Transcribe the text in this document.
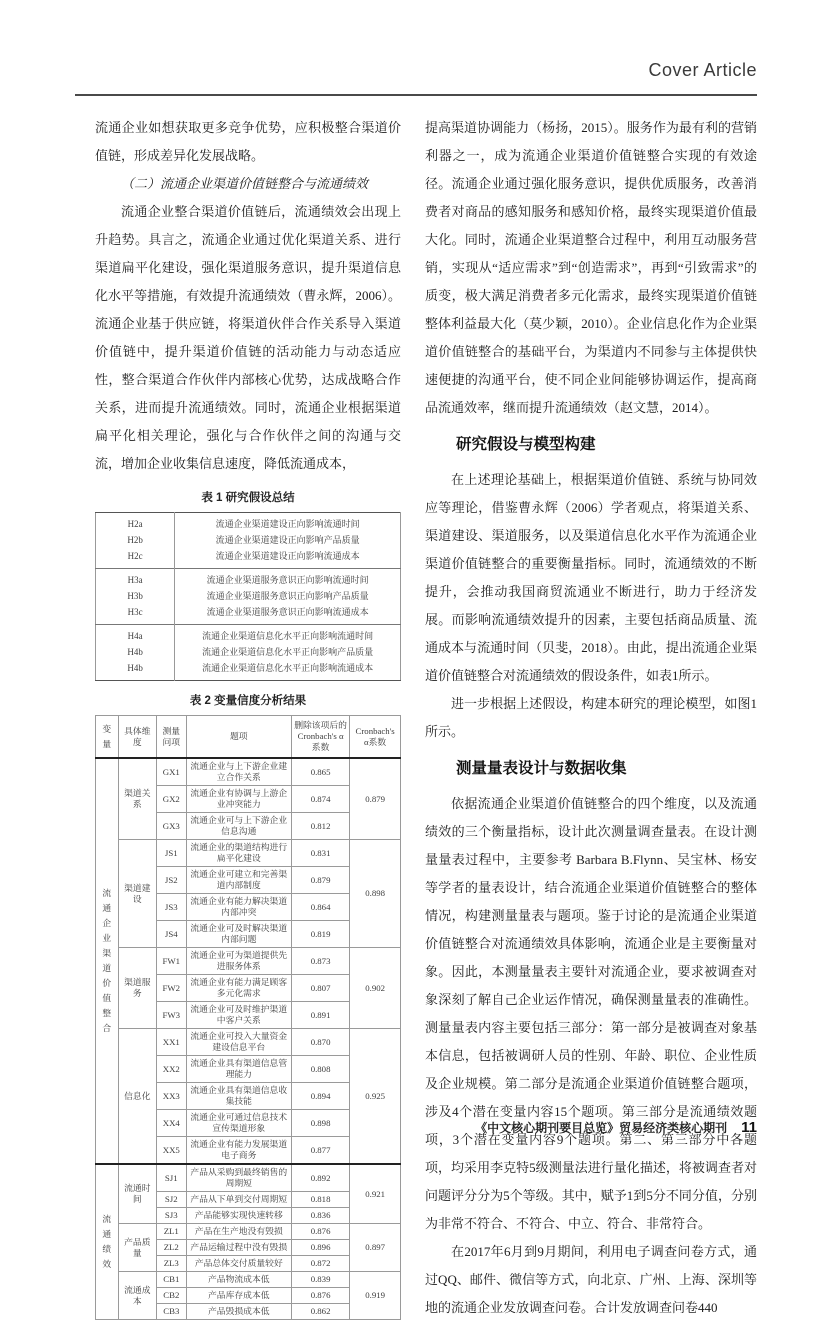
Cover Article

流通企业如想获取更多竞争优势，应积极整合渠道价值链，形成差异化发展战略。

（二）流通企业渠道价值链整合与流通绩效

流通企业整合渠道价值链后，流通绩效会出现上升趋势。具言之，流通企业通过优化渠道关系、进行渠道扁平化建设，强化渠道服务意识，提升渠道信息化水平等措施，有效提升流通绩效（曹永辉，2006）。流通企业基于供应链，将渠道伙伴合作关系导入渠道价值链中，提升渠道价值链的活动能力与动态适应性，整合渠道合作伙伴内部核心优势，达成战略合作关系，进而提升流通绩效。同时，流通企业根据渠道扁平化相关理论，强化与合作伙伴之间的沟通与交流，增加企业收集信息速度，降低流通成本，

表 1 研究假设总结
H2a	流通企业渠道建设正向影响流通时间
H2b	流通企业渠道建设正向影响产品质量
H2c	流通企业渠道建设正向影响流通成本
H3a	流通企业渠道服务意识正向影响流通时间
H3b	流通企业渠道服务意识正向影响产品质量
H3c	流通企业渠道服务意识正向影响流通成本
H4a	流通企业渠道信息化水平正向影响流通时间
H4b	流通企业渠道信息化水平正向影响产品质量
H4b	流通企业渠道信息化水平正向影响流通成本
表 2 变量信度分析结果
变量	具体维度	测量问项	题项	删除该项后的Cronbach's α系数	Cronbach's α系数
流通企业渠道价值整合	渠道关系	GX1	流通企业与上下游企业建立合作关系	0.865	0.879
		GX2	流通企业有协调与上游企业冲突能力	0.874	
		GX3	流通企业可与上下游企业信息沟通	0.812	
	渠道建设	JS1	流通企业的渠道结构进行扁平化建设	0.831	0.898
		JS2	流通企业可建立和完善渠道内部制度	0.879	
		JS3	流通企业有能力解决渠道内部冲突	0.864	
		JS4	流通企业可及时解决渠道内部问题	0.819	
	渠道服务	FW1	流通企业可为渠道提供先进服务体系	0.873	0.902
		FW2	流通企业有能力满足顾客多元化需求	0.807	
		FW3	流通企业可及时维护渠道中客户关系	0.891	
	信息化	XX1	流通企业可投入大量资金建设信息平台	0.870	0.925
		XX2	流通企业具有渠道信息管理能力	0.808	
		XX3	流通企业具有渠道信息收集技能	0.894	
		XX4	流通企业可通过信息技术宣传渠道形象	0.898	
		XX5	流通企业有能力发展渠道电子商务	0.877	
流通绩效	流通时间	SJ1	产品从采购到最终销售的周期短	0.892	0.921
		SJ2	产品从下单到交付周期短	0.818	
		SJ3	产品能够实现快速转移	0.836	
	产品质量	ZL1	产品在生产地没有毁损	0.876	0.897
		ZL2	产品运输过程中没有毁损	0.896	
		ZL3	产品总体交付质量较好	0.872	
	流通成本	CB1	产品物流成本低	0.839	0.919
		CB2	产品库存成本低	0.876	
		CB3	产品毁损成本低	0.862	

提高渠道协调能力（杨扬，2015）。服务作为最有利的营销利器之一，成为流通企业渠道价值链整合实现的有效途径。流通企业通过强化服务意识，提供优质服务，改善消费者对商品的感知服务和感知价格，最终实现渠道价值最大化。同时，流通企业渠道整合过程中，利用互动服务营销，实现从“适应需求”到“创造需求”，再到“引致需求”的质变，极大满足消费者多元化需求，最终实现渠道价值链整体利益最大化（莫少颖，2010）。企业信息化作为企业渠道价值链整合的基础平台，为渠道内不同参与主体提供快速便捷的沟通平台，使不同企业间能够协调运作，提高商品流通效率，继而提升流通绩效（赵文慧，2014）。

研究假设与模型构建

在上述理论基础上，根据渠道价值链、系统与协同效应等理论，借鉴曹永辉（2006）学者观点，将渠道关系、渠道建设、渠道服务，以及渠道信息化水平作为流通企业渠道价值链整合的重要衡量指标。同时，流通绩效的不断提升，会推动我国商贸流通业不断进行，助力于经济发展。而影响流通绩效提升的因素，主要包括商品质量、流通成本与流通时间（贝斐，2018）。由此，提出流通企业渠道价值链整合对流通绩效的假设条件，如表1所示。

进一步根据上述假设，构建本研究的理论模型，如图1所示。

测量量表设计与数据收集

依据流通企业渠道价值链整合的四个维度，以及流通绩效的三个衡量指标，设计此次测量调查量表。在设计测量量表过程中，主要参考 Barbara B.Flynn、吴宝林、杨安等学者的量表设计，结合流通企业渠道价值链整合的整体情况，构建测量量表与题项。鉴于讨论的是流通企业渠道价值链整合对流通绩效具体影响，流通企业是主要衡量对象。因此，本测量量表主要针对流通企业，要求被调查对象深刻了解自己企业运作情况，确保测量量表的准确性。测量量表内容主要包括三部分：第一部分是被调查对象基本信息，包括被调研人员的性别、年龄、职位、企业性质及企业规模。第二部分是流通企业渠道价值链整合题项，涉及4个潜在变量内容15个题项。第三部分是流通绩效题项，3个潜在变量内容9个题项。第二、第三部分中各题项，均采用李克特5级测量法进行量化描述，将被调查者对问题评分分为5个等级。其中，赋予1到5分不同分值，分别为非常不符合、不符合、中立、符合、非常符合。

在2017年6月到9月期间，利用电子调查问卷方式，通过QQ、邮件、微信等方式，向北京、广州、上海、深圳等地的流通企业发放调查问卷。合计发放调查问卷440

《中文核心期刊要目总览》贸易经济类核心期刊 11
